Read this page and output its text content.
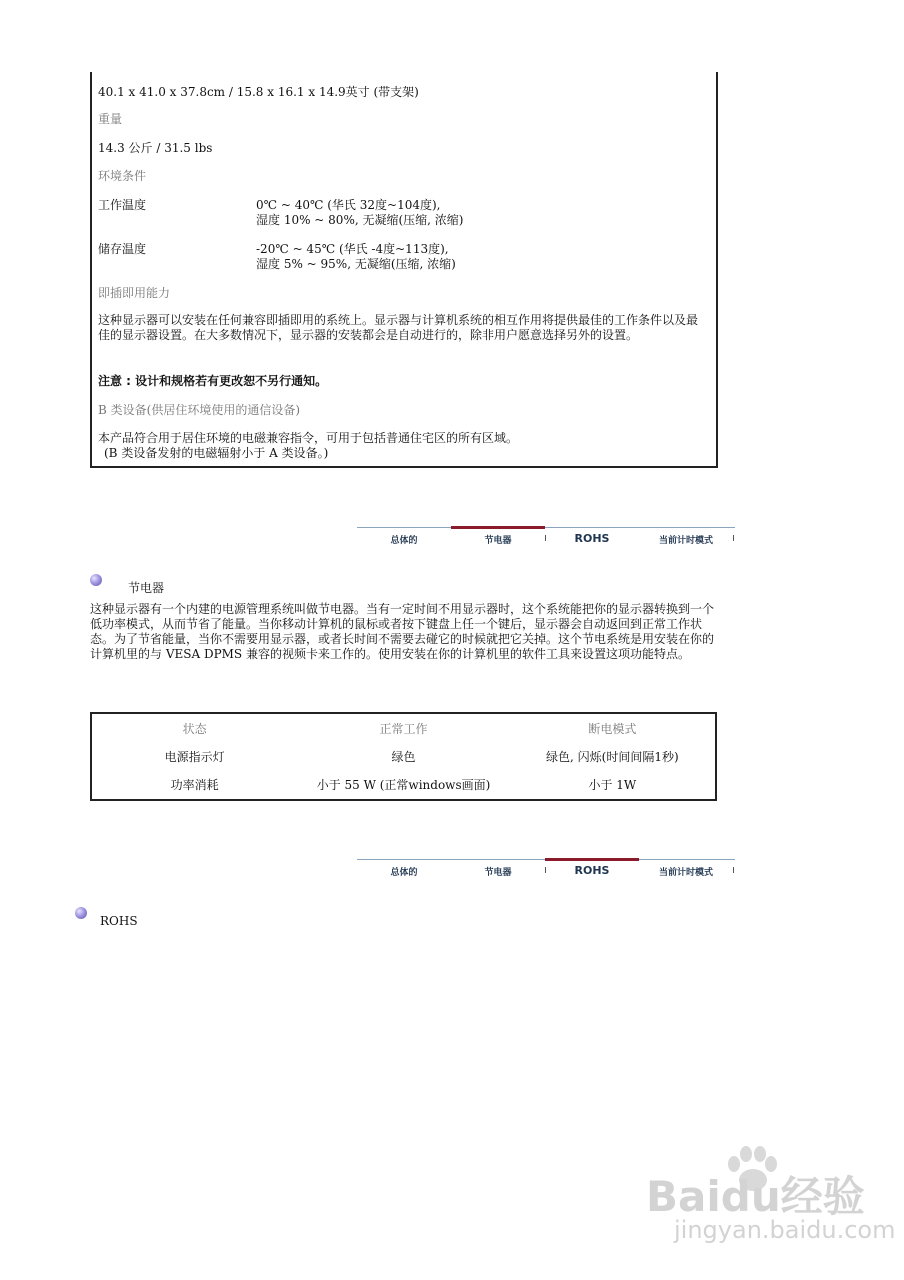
40.1 x 41.0 x 37.8cm / 15.8 x 16.1 x 14.9英寸 (带支架)
重量
14.3 公斤 / 31.5 lbs
环境条件
工作温度	0℃ ~ 40℃ (华氏 32度~104度),
湿度 10% ~ 80%, 无凝缩(压缩, 浓缩)
储存温度	-20℃ ~ 45℃ (华氏 -4度~113度),
湿度 5% ~ 95%, 无凝缩(压缩, 浓缩)
即插即用能力
这种显示器可以安装在任何兼容即插即用的系统上。显示器与计算机系统的相互作用将提供最佳的工作条件以及最佳的显示器设置。在大多数情况下，显示器的安装都会是自动进行的，除非用户愿意选择另外的设置。
注意 : 设计和规格若有更改恕不另行通知。
B 类设备(供居住环境使用的通信设备)
本产品符合用于居住环境的电磁兼容指令，可用于包括普通住宅区的所有区域。
(B 类设备发射的电磁辐射小于 A 类设备。)
总体的	节电器	ROHS	当前计时模式
节电器
这种显示器有一个内建的电源管理系统叫做节电器。当有一定时间不用显示器时，这个系统能把你的显示器转换到一个低功率模式，从而节省了能量。当你移动计算机的鼠标或者按下键盘上任一个键后，显示器会自动返回到正常工作状态。为了节省能量，当你不需要用显示器，或者长时间不需要去碰它的时候就把它关掉。这个节电系统是用安装在你的计算机里的与 VESA DPMS 兼容的视频卡来工作的。使用安装在你的计算机里的软件工具来设置这项功能特点。
状态	正常工作	断电模式
电源指示灯	绿色	绿色, 闪烁(时间间隔1秒)
功率消耗	小于 55 W (正常windows画面)	小于 1W
总体的	节电器	ROHS	当前计时模式
ROHS
Baidu经验
jingyan.baidu.com
